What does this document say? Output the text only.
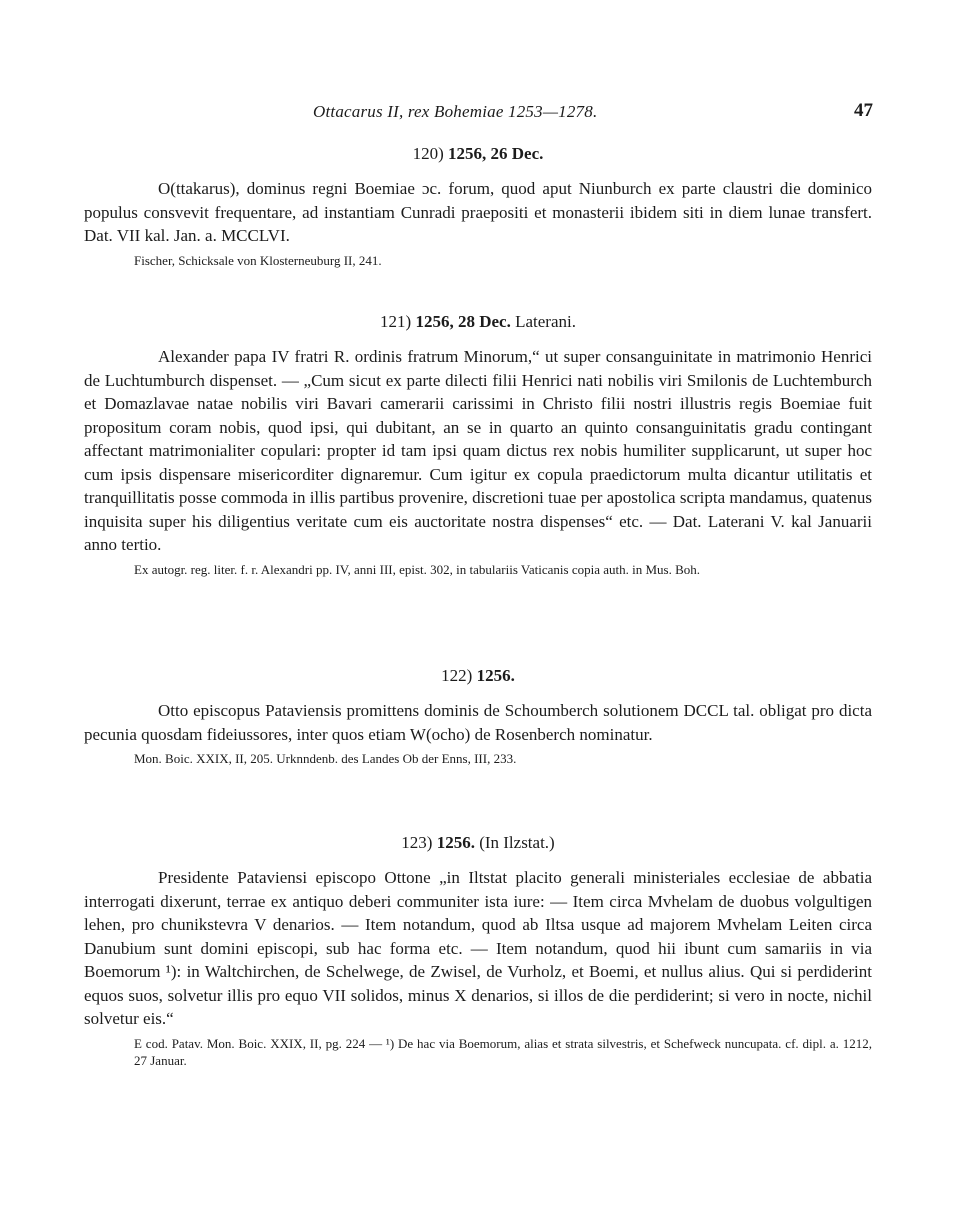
Ottacarus II, rex Bohemiae 1253—1278.	47

120) 1256, 26 Dec.

O(ttakarus), dominus regni Boemiae ɔc. forum, quod aput Niunburch ex parte claustri die dominico populus consvevit frequentare, ad instantiam Cunradi praepositi et monasterii ibidem siti in diem lunae transfert. Dat. VII kal. Jan. a. MCCLVI.

Fischer, Schicksale von Klosterneuburg II, 241.

121) 1256, 28 Dec. Laterani.

Alexander papa IV fratri R. ordinis fratrum Minorum,“ ut super consanguinitate in matrimonio Henrici de Luchtumburch dispenset. — „Cum sicut ex parte dilecti filii Henrici nati nobilis viri Smilonis de Luchtemburch et Domazlavae natae nobilis viri Bavari camerarii carissimi in Christo filii nostri illustris regis Boemiae fuit propositum coram nobis, quod ipsi, qui dubitant, an se in quarto an quinto consanguinitatis gradu contingant affectant matrimonialiter copulari: propter id tam ipsi quam dictus rex nobis humiliter supplicarunt, ut super hoc cum ipsis dispensare misericorditer dignaremur. Cum igitur ex copula praedictorum multa dicantur utilitatis et tranquillitatis posse commoda in illis partibus provenire, discretioni tuae per apostolica scripta mandamus, quatenus inquisita super his diligentius veritate cum eis auctoritate nostra dispenses“ etc. — Dat. Laterani V. kal Januarii anno tertio.

Ex autogr. reg. liter. f. r. Alexandri pp. IV, anni III, epist. 302, in tabulariis Vaticanis copia auth. in Mus. Boh.

122) 1256.

Otto episcopus Pataviensis promittens dominis de Schoumberch solutionem DCCL tal. obligat pro dicta pecunia quosdam fideiussores, inter quos etiam W(ocho) de Rosenberch nominatur.

Mon. Boic. XXIX, II, 205. Urknndenb. des Landes Ob der Enns, III, 233.

123) 1256. (In Ilzstat.)

Presidente Pataviensi episcopo Ottone „in Iltstat placito generali ministeriales ecclesiae de abbatia interrogati dixerunt, terrae ex antiquo deberi communiter ista iure: — Item circa Mvhelam de duobus volgultigen lehen, pro chunikstevra V denarios. — Item notandum, quod ab Iltsa usque ad majorem Mvhelam Leiten circa Danubium sunt domini episcopi, sub hac forma etc. — Item notandum, quod hii ibunt cum samariis in via Boemorum ¹): in Waltchirchen, de Schelwege, de Zwisel, de Vurholz, et Boemi, et nullus alius. Qui si perdiderint equos suos, solvetur illis pro equo VII solidos, minus X denarios, si illos de die perdiderint; si vero in nocte, nichil solvetur eis.“

E cod. Patav. Mon. Boic. XXIX, II, pg. 224 — ¹) De hac via Boemorum, alias et strata silvestris, et Schefweck nuncupata. cf. dipl. a. 1212, 27 Januar.
